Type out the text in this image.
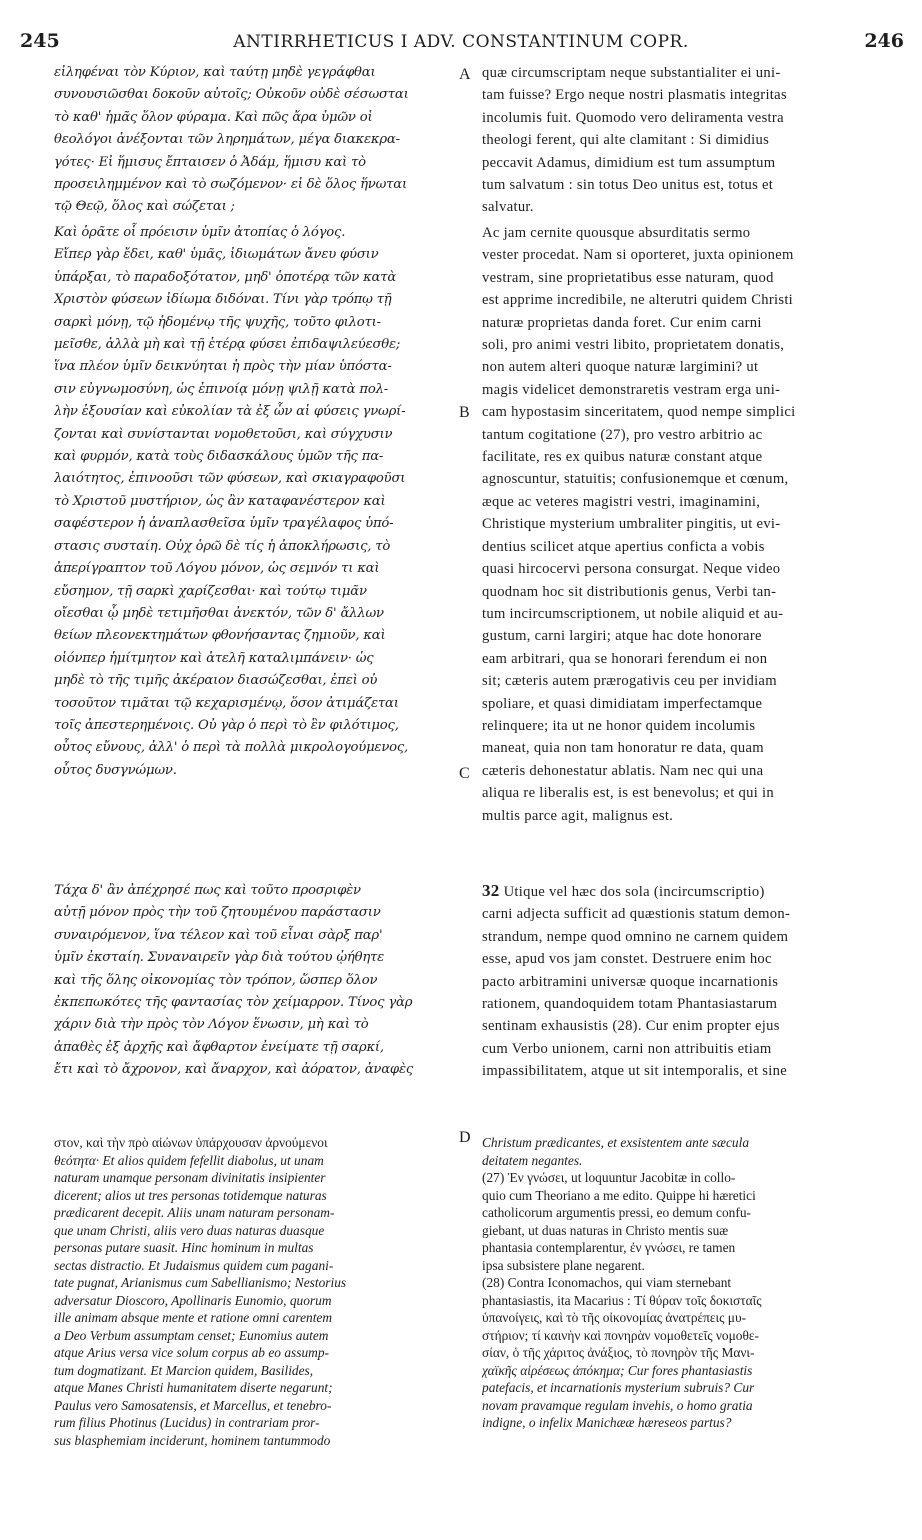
245	ANTIRRHETICUS I ADV. CONSTANTINUM COPR.	246
A
B
C
D
εἰληφέναι τὸν Κύριον, καὶ ταύτῃ μηδὲ γεγράφθαι
συνουσιῶσθαι δοκοῦν αὐτοῖς; Οὐκοῦν οὐδὲ σέσωσται
τὸ καθ' ἡμᾶς ὅλον φύραμα. Καὶ πῶς ἄρα ὑμῶν οἱ
θεολόγοι ἀνέξονται τῶν ληρημάτων, μέγα διακεκρα-
γότες· Εἰ ἥμισυς ἔπταισεν ὁ Ἀδάμ, ἥμισυ καὶ τὸ
προσειλημμένον καὶ τὸ σωζόμενον· εἰ δὲ ὅλος ἥνωται
τῷ Θεῷ, ὅλος καὶ σώζεται ;
Καὶ ὁρᾶτε οἷ πρόεισιν ὑμῖν ἀτοπίας ὁ λόγος.
Εἴπερ γὰρ ἔδει, καθ' ὑμᾶς, ἰδιωμάτων ἄνευ φύσιν
ὑπάρξαι, τὸ παραδοξότατον, μηδ' ὁποτέρᾳ τῶν κατὰ
Χριστὸν φύσεων ἰδίωμα διδόναι. Τίνι γὰρ τρόπῳ τῇ
σαρκὶ μόνῃ, τῷ ἡδομένῳ τῆς ψυχῆς, τοῦτο φιλοτι-
μεῖσθε, ἀλλὰ μὴ καὶ τῇ ἑτέρᾳ φύσει ἐπιδαψιλεύεσθε;
ἵνα πλέον ὑμῖν δεικνύηται ἡ πρὸς τὴν μίαν ὑπόστα-
σιν εὐγνωμοσύνη, ὡς ἐπινοίᾳ μόνῃ ψιλῇ κατὰ πολ-
λὴν ἐξουσίαν καὶ εὐκολίαν τὰ ἐξ ὧν αἱ φύσεις γνωρί-
ζονται καὶ συνίστανται νομοθετοῦσι, καὶ σύγχυσιν
καὶ φυρμόν, κατὰ τοὺς διδασκάλους ὑμῶν τῆς πα-
λαιότητος, ἐπινοοῦσι τῶν φύσεων, καὶ σκιαγραφοῦσι
τὸ Χριστοῦ μυστήριον, ὡς ἂν καταφανέστερον καὶ
σαφέστερον ἡ ἀναπλασθεῖσα ὑμῖν τραγέλαφος ὑπό-
στασις συσταίη. Οὐχ ὁρῶ δὲ τίς ἡ ἀποκλήρωσις, τὸ
ἀπερίγραπτον τοῦ Λόγου μόνον, ὡς σεμνόν τι καὶ
εὔσημον, τῇ σαρκὶ χαρίζεσθαι· καὶ τούτῳ τιμᾶν
οἴεσθαι ᾧ μηδὲ τετιμῆσθαι ἀνεκτόν, τῶν δ' ἄλλων
θείων πλεονεκτημάτων φθονήσαντας ζημιοῦν, καὶ
οἱόνπερ ἡμίτμητον καὶ ἀτελῆ καταλιμπάνειν· ὡς
μηδὲ τὸ τῆς τιμῆς ἀκέραιον διασώζεσθαι, ἐπεὶ οὐ
τοσοῦτον τιμᾶται τῷ κεχαρισμένῳ, ὅσον ἀτιμάζεται
τοῖς ἀπεστερημένοις. Οὐ γὰρ ὁ περὶ τὸ ἓν φιλότιμος,
οὗτος εὔνους, ἀλλ' ὁ περὶ τὰ πολλὰ μικρολογούμενος,
οὗτος δυσγνώμων.
Τάχα δ' ἂν ἀπέχρησέ πως καὶ τοῦτο προσριφὲν
αὐτῇ μόνον πρὸς τὴν τοῦ ζητουμένου παράστασιν
συναιρόμενον, ἵνα τέλεον καὶ τοῦ εἶναι σὰρξ παρ'
ὑμῖν ἐκσταίη. Συναναιρεῖν γὰρ διὰ τούτου ᾠήθητε
καὶ τῆς ὅλης οἰκονομίας τὸν τρόπον, ὥσπερ ὅλον
ἐκπεπωκότες τῆς φαντασίας τὸν χείμαρρον. Τίνος γὰρ
χάριν διὰ τὴν πρὸς τὸν Λόγον ἕνωσιν, μὴ καὶ τὸ
ἀπαθὲς ἐξ ἀρχῆς καὶ ἄφθαρτον ἐνείματε τῇ σαρκί,
ἔτι καὶ τὸ ἄχρονον, καὶ ἄναρχον, καὶ ἀόρατον, ἀναφὲς
quæ circumscriptam neque substantialiter ei uni-
tam fuisse? Ergo neque nostri plasmatis integritas
incolumis fuit. Quomodo vero deliramenta vestra
theologi ferent, qui alte clamitant : Si dimidius
peccavit Adamus, dimidium est tum assumptum
tum salvatum : sin totus Deo unitus est, totus et
salvatur.
Ac jam cernite quousque absurditatis sermo
vester procedat. Nam si oporteret, juxta opinionem
vestram, sine proprietatibus esse naturam, quod
est apprime incredibile, ne alterutri quidem Christi
naturæ proprietas danda foret. Cur enim carni
soli, pro animi vestri libito, proprietatem donatis,
non autem alteri quoque naturæ largimini? ut
magis videlicet demonstraretis vestram erga uni-
cam hypostasim sinceritatem, quod nempe simplici
tantum cogitatione (27), pro vestro arbitrio ac
facilitate, res ex quibus naturæ constant atque
agnoscuntur, statuitis; confusionemque et cœnum,
æque ac veteres magistri vestri, imaginamini,
Christique mysterium umbraliter pingitis, ut evi-
dentius scilicet atque apertius conficta a vobis
quasi hircocervi persona consurgat. Neque video
quodnam hoc sit distributionis genus, Verbi tan-
tum incircumscriptionem, ut nobile aliquid et au-
gustum, carni largiri; atque hac dote honorare
eam arbitrari, qua se honorari ferendum ei non
sit; cæteris autem prærogativis ceu per invidiam
spoliare, et quasi dimidiatam imperfectamque
relinquere; ita ut ne honor quidem incolumis
maneat, quia non tam honoratur re data, quam
cæteris dehonestatur ablatis. Nam nec qui una
aliqua re liberalis est, is est benevolus; et qui in
multis parce agit, malignus est.
32 Utique vel hæc dos sola (incircumscriptio)
carni adjecta sufficit ad quæstionis statum demon-
strandum, nempe quod omnino ne carnem quidem
esse, apud vos jam constet. Destruere enim hoc
pacto arbitramini universæ quoque incarnationis
rationem, quandoquidem totam Phantasiastarum
sentinam exhausistis (28). Cur enim propter ejus
cum Verbo unionem, carni non attribuitis etiam
impassibilitatem, atque ut sit intemporalis, et sine
στον, καὶ τὴν πρὸ αἰώνων ὑπάρχουσαν ἀρνούμενοι
θεότητα· Et alios quidem fefellit diabolus, ut unam
naturam unamque personam divinitatis insipienter
dicerent; alios ut tres personas totidemque naturas
prædicarent decepit. Aliis unam naturam personam-
que unam Christi, aliis vero duas naturas duasque
personas putare suasit. Hinc hominum in multas
sectas distractio. Et Judaismus quidem cum pagani-
tate pugnat, Arianismus cum Sabellianismo; Nestorius
adversatur Dioscoro, Apollinaris Eunomio, quorum
ille animam absque mente et ratione omni carentem
a Deo Verbum assumptam censet; Eunomius autem
atque Arius versa vice solum corpus ab eo assump-
tum dogmatizant. Et Marcion quidem, Basilides,
atque Manes Christi humanitatem diserte negarunt;
Paulus vero Samosatensis, et Marcellus, et tenebro-
rum filius Photinus (Lucidus) in contrariam pror-
sus blasphemiam inciderunt, hominem tantummodo
Christum prædicantes, et exsistentem ante sæcula
deitatem negantes.
(27) Ἐν γνώσει, ut loquuntur Jacobitæ in collo-
quio cum Theoriano a me edito. Quippe hi hæretici
catholicorum argumentis pressi, eo demum confu-
giebant, ut duas naturas in Christo mentis suæ
phantasia contemplarentur, ἐν γνώσει, re tamen
ipsa subsistere plane negarent.
(28) Contra Iconomachos, qui viam sternebant
phantasiastis, ita Macarius : Τί θύραν τοῖς δοκισταῖς
ὑπανοίγεις, καὶ τὸ τῆς οἰκονομίας ἀνατρέπεις μυ-
στήριον; τί καινὴν καὶ πονηρὰν νομοθετεῖς νομοθε-
σίαν, ὁ τῆς χάριτος ἀνάξιος, τὸ πονηρὸν τῆς Μανι-
χαϊκῆς αἱρέσεως ἀπόκημα; Cur fores phantasiastis
patefacis, et incarnationis mysterium subruis? Cur
novam pravamque regulam invehis, o homo gratia
indigne, o infelix Manichææ hæreseos partus?
